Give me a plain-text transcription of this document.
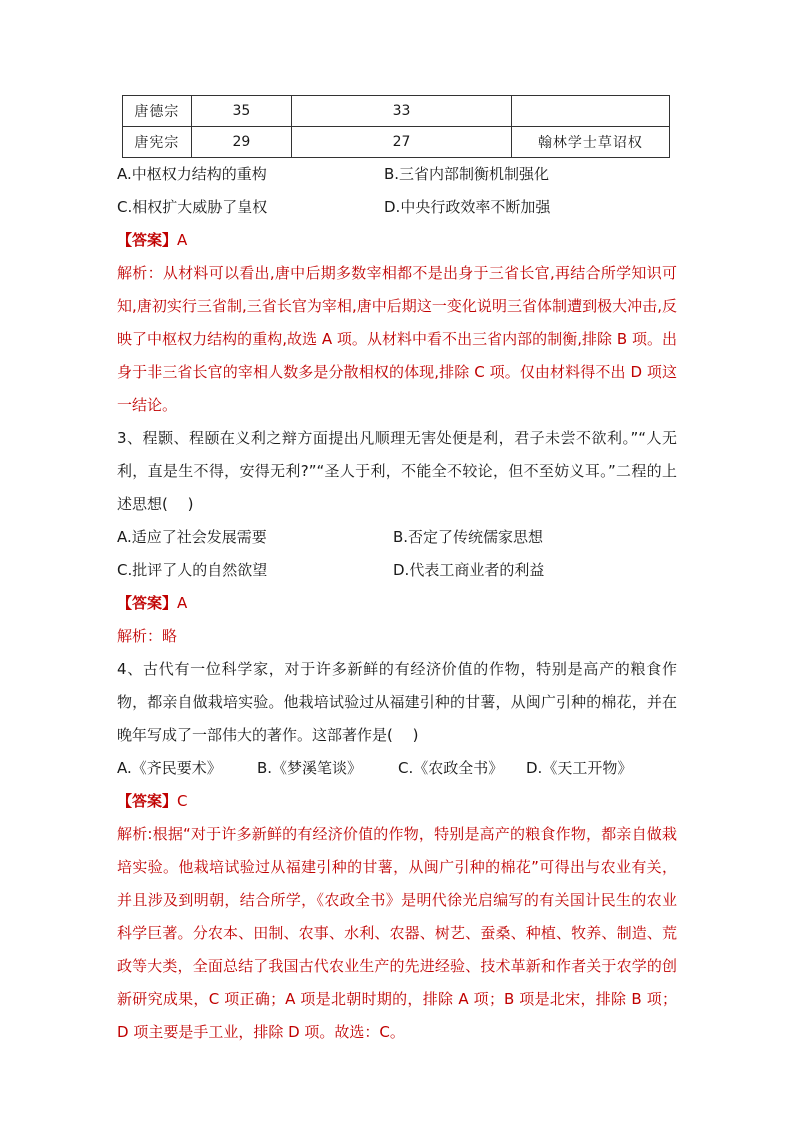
唐德宗	35	33	
唐宪宗	29	27	翰林学士草诏权
A.中枢权力结构的重构	B.三省内部制衡机制强化
C.相权扩大威胁了皇权	D.中央行政效率不断加强
【答案】A
解析：从材料可以看出,唐中后期多数宰相都不是出身于三省长官,再结合所学知识可知,唐初实行三省制,三省长官为宰相,唐中后期这一变化说明三省体制遭到极大冲击,反映了中枢权力结构的重构,故选 A 项。从材料中看不出三省内部的制衡,排除 B 项。出身于非三省长官的宰相人数多是分散相权的体现,排除 C 项。仅由材料得不出 D 项这一结论。
3、程颢、程颐在义利之辩方面提出凡顺理无害处便是利，君子未尝不欲利。”“人无利，直是生不得，安得无利?”“圣人于利，不能全不较论，但不至妨义耳。”二程的上述思想(　 )
A.适应了社会发展需要	B.否定了传统儒家思想
C.批评了人的自然欲望	D.代表工商业者的利益
【答案】A
解析：略
4、古代有一位科学家，对于许多新鲜的有经济价值的作物，特别是高产的粮食作物，都亲自做栽培实验。他栽培试验过从福建引种的甘薯，从闽广引种的棉花，并在晚年写成了一部伟大的著作。这部著作是(　 )
A.《齐民要术》 B.《梦溪笔谈》 C.《农政全书》 D.《天工开物》
【答案】C
解析:根据“对于许多新鲜的有经济价值的作物，特别是高产的粮食作物，都亲自做栽培实验。他栽培试验过从福建引种的甘薯，从闽广引种的棉花”可得出与农业有关，并且涉及到明朝，结合所学，《农政全书》是明代徐光启编写的有关国计民生的农业科学巨著。分农本、田制、农事、水利、农器、树艺、蚕桑、种植、牧养、制造、荒政等大类，全面总结了我国古代农业生产的先进经验、技术革新和作者关于农学的创新研究成果，C 项正确；A 项是北朝时期的，排除 A 项；B 项是北宋，排除 B 项；D 项主要是手工业，排除 D 项。故选：C。
